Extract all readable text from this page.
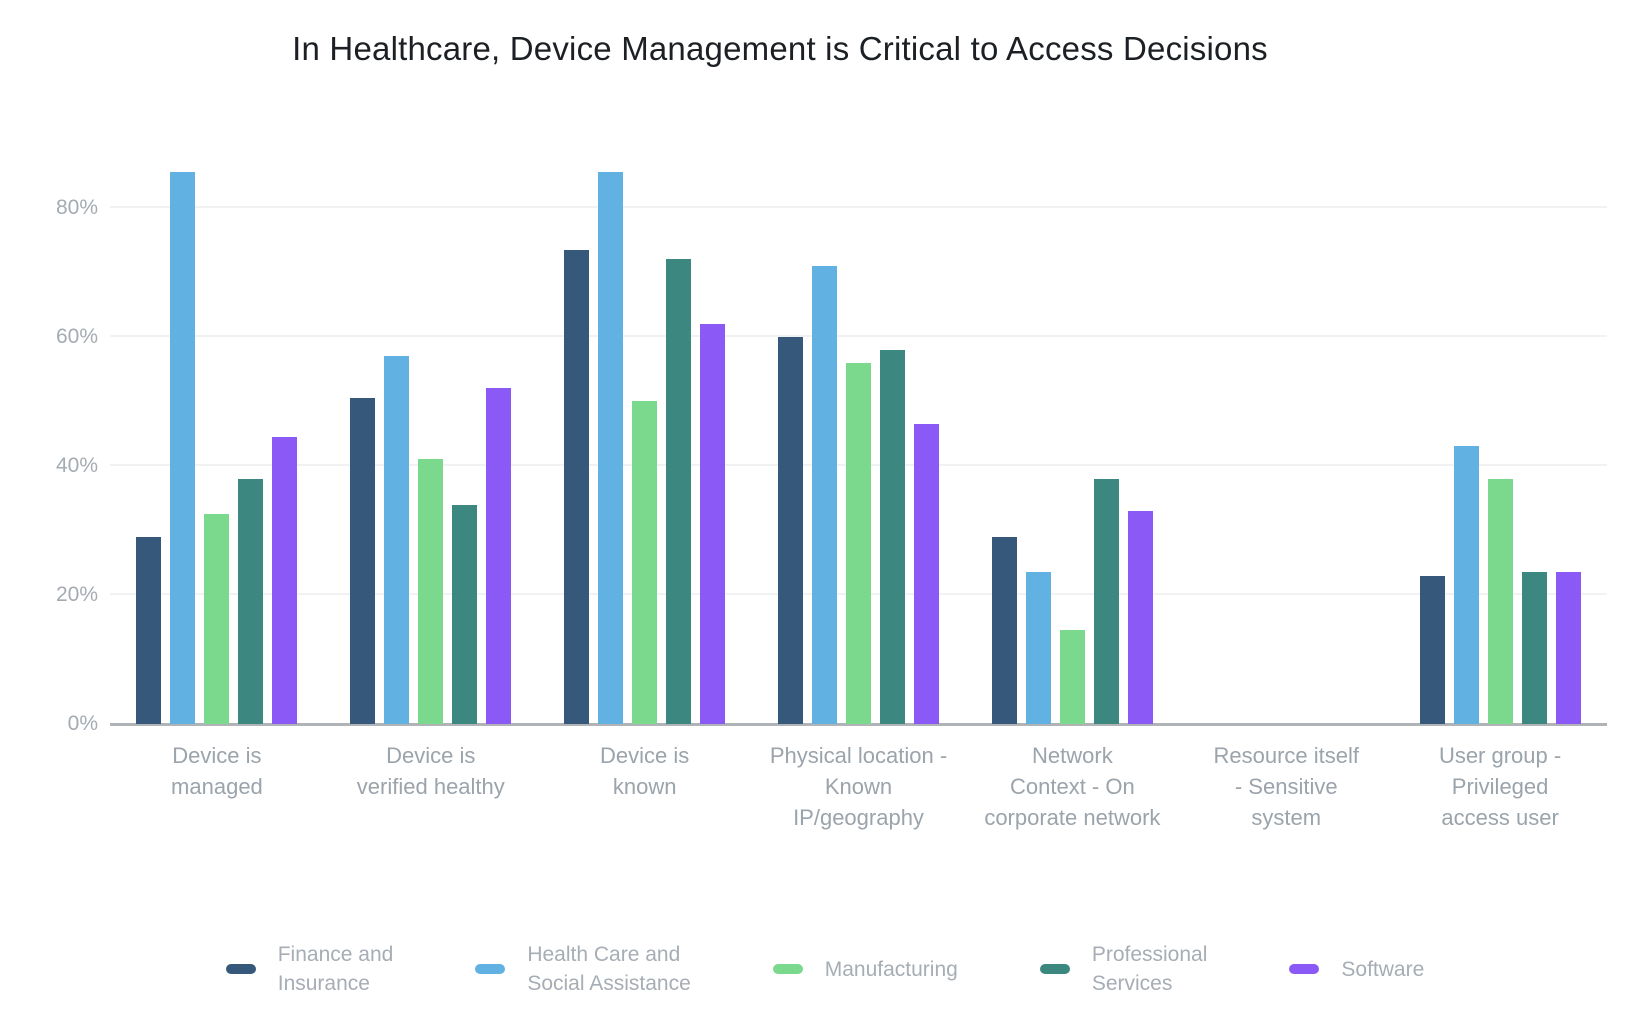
In Healthcare, Device Management is Critical to Access Decisions
0%
20%
40%
60%
80%
Device is
managed
Device is
verified healthy
Device is
known
Physical location -
Known
IP/geography
Network
Context - On
corporate network
Resource itself
- Sensitive
system
User group -
Privileged
access user
Finance and
Insurance
Health Care and
Social Assistance
Manufacturing
Professional
Services
Software
